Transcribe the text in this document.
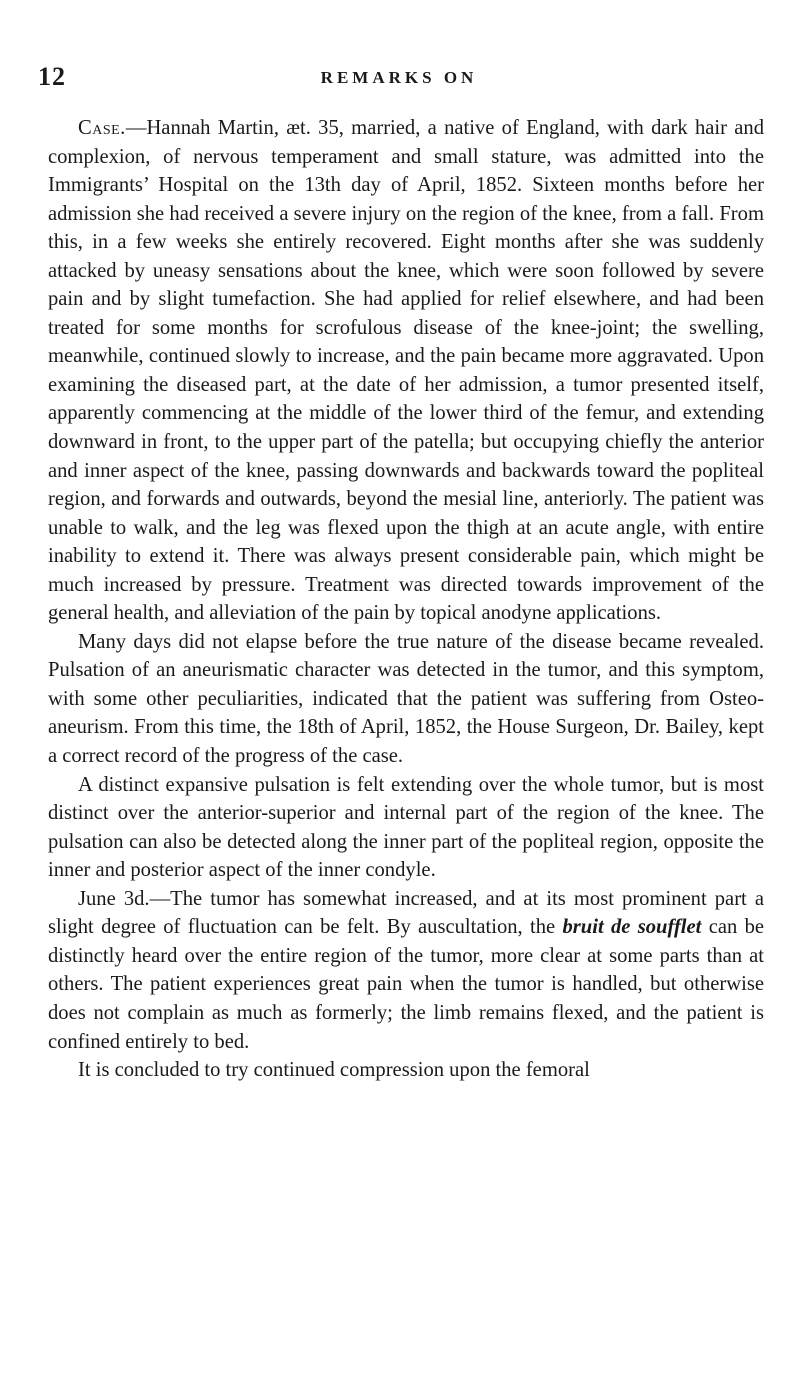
12	REMARKS ON

Case.—Hannah Martin, æt. 35, married, a native of England, with dark hair and complexion, of nervous temperament and small stature, was admitted into the Immigrants’ Hospital on the 13th day of April, 1852. Sixteen months before her admission she had received a severe injury on the region of the knee, from a fall. From this, in a few weeks she entirely recovered. Eight months after she was suddenly attacked by uneasy sensations about the knee, which were soon followed by severe pain and by slight tumefaction. She had applied for relief elsewhere, and had been treated for some months for scrofulous disease of the knee-joint; the swelling, meanwhile, continued slowly to increase, and the pain became more aggravated. Upon examining the diseased part, at the date of her admission, a tumor presented itself, apparently commencing at the middle of the lower third of the femur, and extending downward in front, to the upper part of the patella; but occupying chiefly the anterior and inner aspect of the knee, passing downwards and backwards toward the popliteal region, and forwards and outwards, beyond the mesial line, anteriorly. The patient was unable to walk, and the leg was flexed upon the thigh at an acute angle, with entire inability to extend it. There was always present considerable pain, which might be much increased by pressure. Treatment was directed towards improvement of the general health, and alleviation of the pain by topical anodyne applications.

Many days did not elapse before the true nature of the disease became revealed. Pulsation of an aneurismatic character was detected in the tumor, and this symptom, with some other peculiarities, indicated that the patient was suffering from Osteo-aneurism. From this time, the 18th of April, 1852, the House Surgeon, Dr. Bailey, kept a correct record of the progress of the case.

A distinct expansive pulsation is felt extending over the whole tumor, but is most distinct over the anterior-superior and internal part of the region of the knee. The pulsation can also be detected along the inner part of the popliteal region, opposite the inner and posterior aspect of the inner condyle.

June 3d.—The tumor has somewhat increased, and at its most prominent part a slight degree of fluctuation can be felt. By auscultation, the bruit de soufflet can be distinctly heard over the entire region of the tumor, more clear at some parts than at others. The patient experiences great pain when the tumor is handled, but otherwise does not complain as much as formerly; the limb remains flexed, and the patient is confined entirely to bed.

It is concluded to try continued compression upon the femoral
